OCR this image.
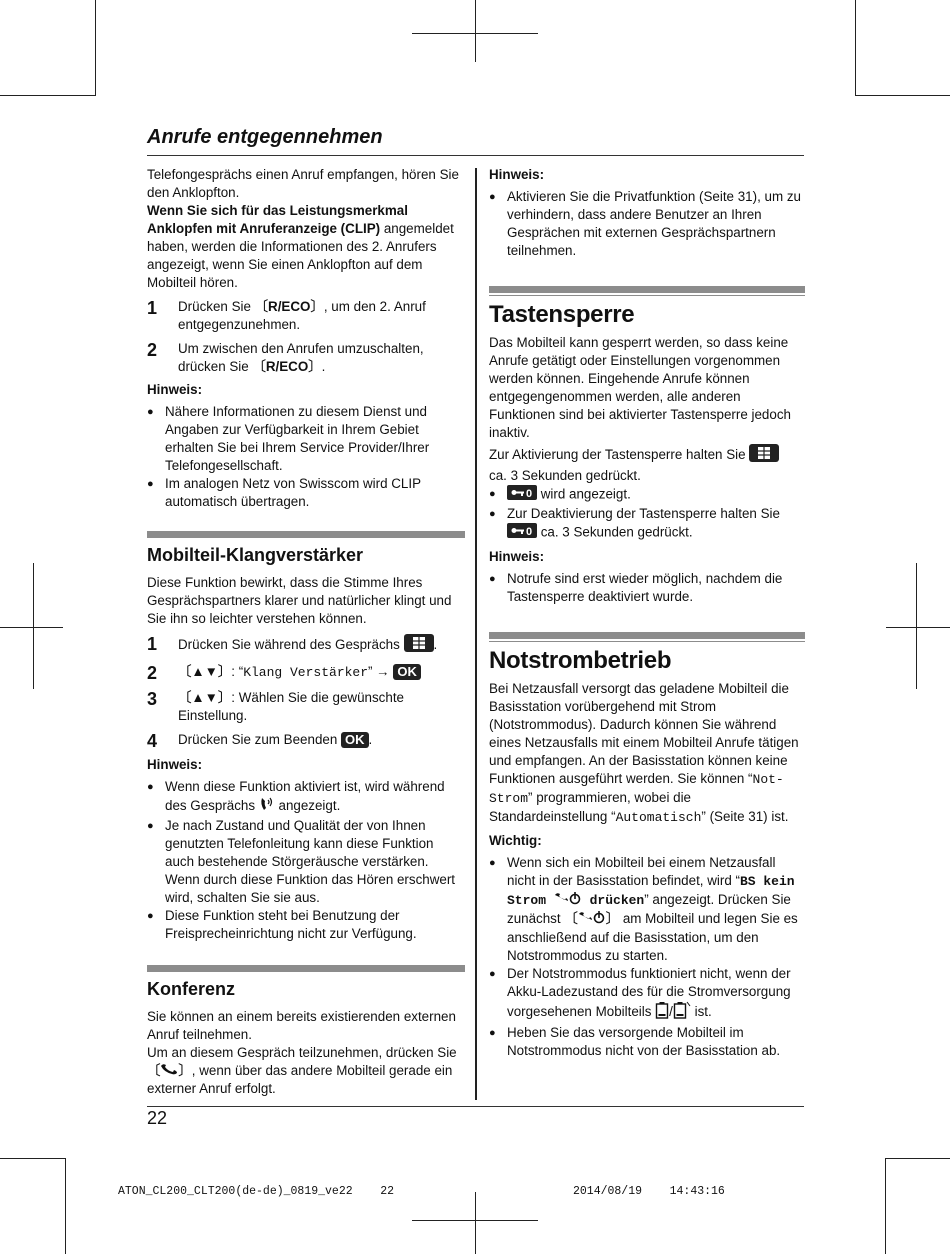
Anrufe entgegennehmen

Telefongesprächs einen Anruf empfangen, hören Sie den Anklopfton.

Wenn Sie sich für das Leistungsmerkmal Anklopfen mit Anruferanzeige (CLIP) angemeldet haben, werden die Informationen des 2. Anrufers angezeigt, wenn Sie einen Anklopfton auf dem Mobilteil hören.

1	Drücken Sie 〔R/ECO〕, um den 2. Anruf entgegenzunehmen.
2	Um zwischen den Anrufen umzuschalten, drücken Sie 〔R/ECO〕.
Hinweis:
● Nähere Informationen zu diesem Dienst und Angaben zur Verfügbarkeit in Ihrem Gebiet erhalten Sie bei Ihrem Service Provider/Ihrer Telefongesellschaft.
● Im analogen Netz von Swisscom wird CLIP automatisch übertragen.
Mobilteil-Klangverstärker

Diese Funktion bewirkt, dass die Stimme Ihres Gesprächspartners klarer und natürlicher klingt und Sie ihn so leichter verstehen können.

1	Drücken Sie während des Gesprächs .
2	〔▲▼〕: “Klang Verstärker” → OK
3	〔▲▼〕: Wählen Sie die gewünschte Einstellung.
4	Drücken Sie zum Beenden OK .
Hinweis:
● Wenn diese Funktion aktiviert ist, wird während des Gesprächs  angezeigt.
● Je nach Zustand und Qualität der von Ihnen genutzten Telefonleitung kann diese Funktion auch bestehende Störgeräusche verstärken. Wenn durch diese Funktion das Hören erschwert wird, schalten Sie sie aus.
● Diese Funktion steht bei Benutzung der Freisprecheinrichtung nicht zur Verfügung.
Konferenz

Sie können an einem bereits existierenden externen Anruf teilnehmen.

Um an diesem Gespräch teilzunehmen, drücken Sie 〔 〕, wenn über das andere Mobilteil gerade ein externer Anruf erfolgt.

Hinweis:
● Aktivieren Sie die Privatfunktion (Seite 31), um zu verhindern, dass andere Benutzer an Ihren Gesprächen mit externen Gesprächspartnern teilnehmen.
Tastensperre

Das Mobilteil kann gesperrt werden, so dass keine Anrufe getätigt oder Einstellungen vorgenommen werden können. Eingehende Anrufe können entgegengenommen werden, alle anderen Funktionen sind bei aktivierter Tastensperre jedoch inaktiv.

Zur Aktivierung der Tastensperre halten Sie
ca. 3 Sekunden gedrückt.

●	0 wird angezeigt.
● Zur Deaktivierung der Tastensperre halten Sie

0 ca. 3 Sekunden gedrückt.
Hinweis:
● Notrufe sind erst wieder möglich, nachdem die Tastensperre deaktiviert wurde.
Notstrombetrieb

Bei Netzausfall versorgt das geladene Mobilteil die Basisstation vorübergehend mit Strom (Notstrommodus). Dadurch können Sie während eines Netzausfalls mit einem Mobilteil Anrufe tätigen und empfangen. An der Basisstation können keine Funktionen ausgeführt werden. Sie können “Not-Strom” programmieren, wobei die Standardeinstellung “Automatisch” (Seite 31) ist.

Wichtig:
● Wenn sich ein Mobilteil bei einem Netzausfall nicht in der Basisstation befindet, wird “BS kein Strom  drücken” angezeigt. Drücken Sie zunächst 〔 〕 am Mobilteil und legen Sie es anschließend auf die Basisstation, um den Notstrommodus zu starten.
● Der Notstrommodus funktioniert nicht, wenn der Akku-Ladezustand des für die Stromversorgung vorgesehenen Mobilteils / ist.
● Heben Sie das versorgende Mobilteil im Notstrommodus nicht von der Basisstation ab.
22
ATON_CL200_CLT200(de-de)_0819_ve22    22	2014/08/19    14:43:16
